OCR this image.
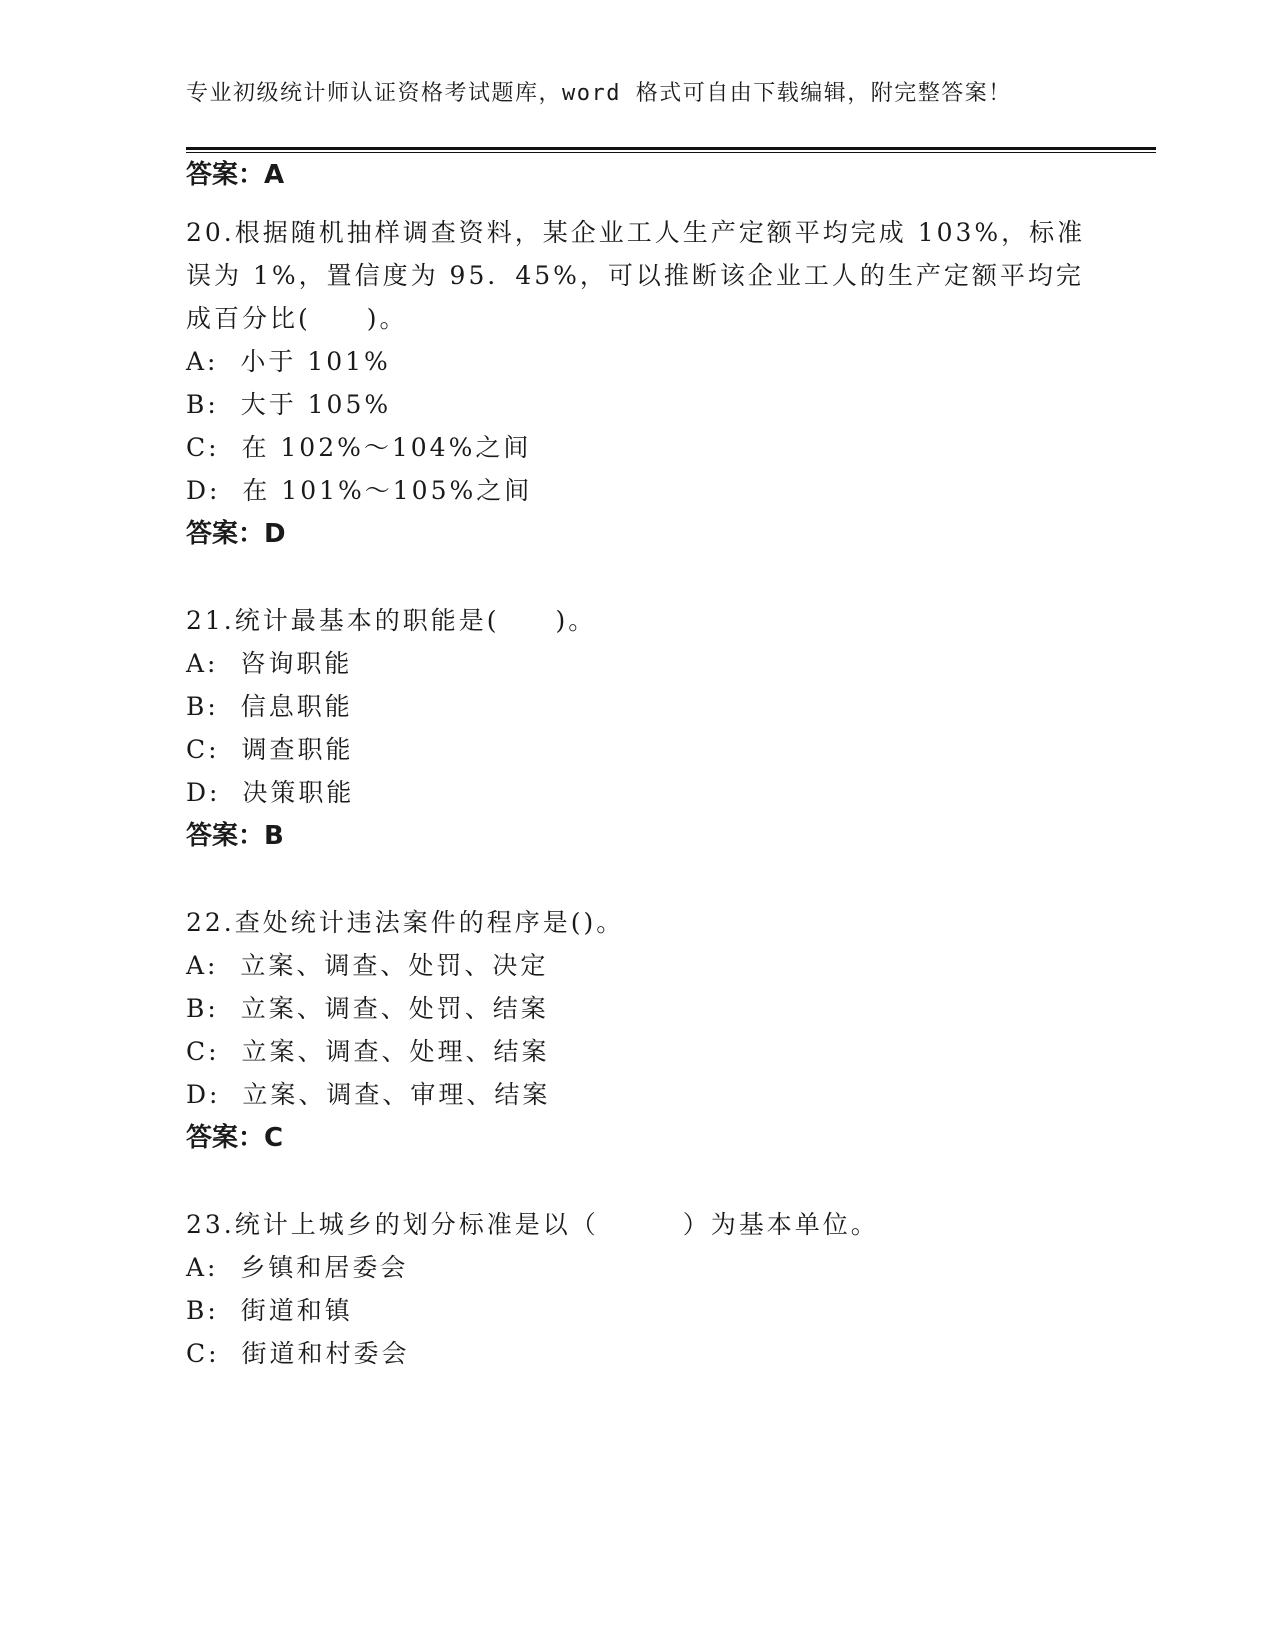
专业初级统计师认证资格考试题库，word 格式可自由下载编辑，附完整答案！
答案：A
20.根据随机抽样调查资料，某企业工人生产定额平均完成 103%，标准
误为 1%，置信度为 95．45%，可以推断该企业工人的生产定额平均完
成百分比(　　)。
A:  小于 101%
B:  大于 105%
C:  在 102%～104%之间
D:  在 101%～105%之间
答案：D
21.统计最基本的职能是(　　)。
A:  咨询职能
B:  信息职能
C:  调查职能
D:  决策职能
答案：B
22.查处统计违法案件的程序是()。
A:  立案、调查、处罚、决定
B:  立案、调查、处罚、结案
C:  立案、调查、处理、结案
D:  立案、调查、审理、结案
答案：C
23.统计上城乡的划分标准是以（　　　）为基本单位。
A:  乡镇和居委会
B:  街道和镇
C:  街道和村委会
